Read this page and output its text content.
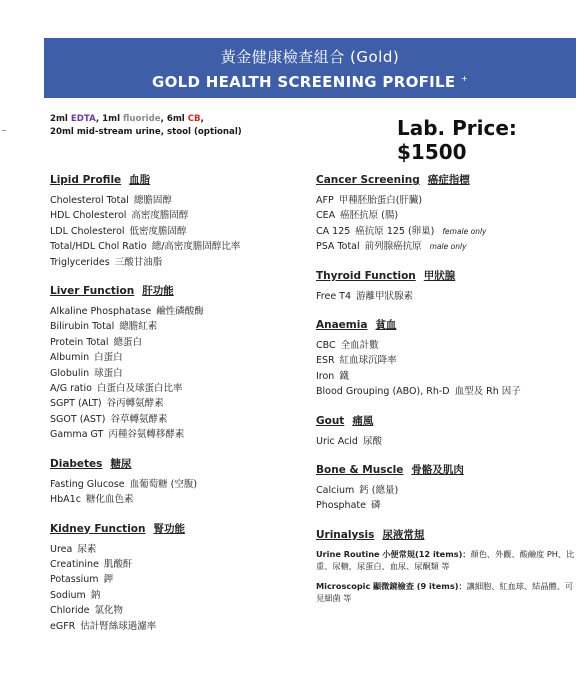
黃金健康檢查組合 (Gold)
GOLD HEALTH SCREENING PROFILE +
2ml EDTA, 1ml fluoride, 6ml CB,
20ml mid-stream urine, stool (optional)	Lab. Price: $1500
Lipid Profile 血脂
Cholesterol Total 總膽固醇
HDL Cholesterol 高密度膽固醇
LDL Cholesterol 低密度膽固醇
Total/HDL Chol Ratio 總/高密度膽固醇比率
Triglycerides 三酸甘油脂
Liver Function 肝功能
Alkaline Phosphatase 鹼性磷酸酶
Bilirubin Total 總膽紅素
Protein Total 總蛋白
Albumin 白蛋白
Globulin 球蛋白
A/G ratio 白蛋白及球蛋白比率
SGPT (ALT) 谷丙轉氨酵素
SGOT (AST) 谷草轉氨酵素
Gamma GT 丙種谷氨轉移酵素
Diabetes 糖尿
Fasting Glucose 血葡萄糖 (空腹)
HbA1c 糖化血色素
Kidney Function 腎功能
Urea 尿素
Creatinine 肌酸酐
Potassium 鉀
Sodium 鈉
Chloride 氯化物
eGFR 估計腎絲球過濾率
Cancer Screening 癌症指標
AFP 甲種胚胎蛋白(肝臟)
CEA 癌胚抗原 (腸)
CA 125 癌抗原 125 (卵巢) female only
PSA Total 前列腺癌抗原 male only
Thyroid Function 甲狀腺
Free T4 游離甲狀腺素
Anaemia 貧血
CBC 全血計數
ESR 紅血球沉降率
Iron 鐵
Blood Grouping (ABO), Rh-D 血型及 Rh 因子
Gout 痛風
Uric Acid 尿酸
Bone & Muscle 骨骼及肌肉
Calcium 鈣 (總量)
Phosphate 磷
Urinalysis 尿液常規
Urine Routine 小便常規(12 items)：顏色、外觀、酸鹼度 PH、比重、尿糖，尿蛋白、血尿、尿酮類 等
Microscopic 顯微鏡檢查 (9 items)：讓細胞、紅血球、結晶體、可見細菌 等
